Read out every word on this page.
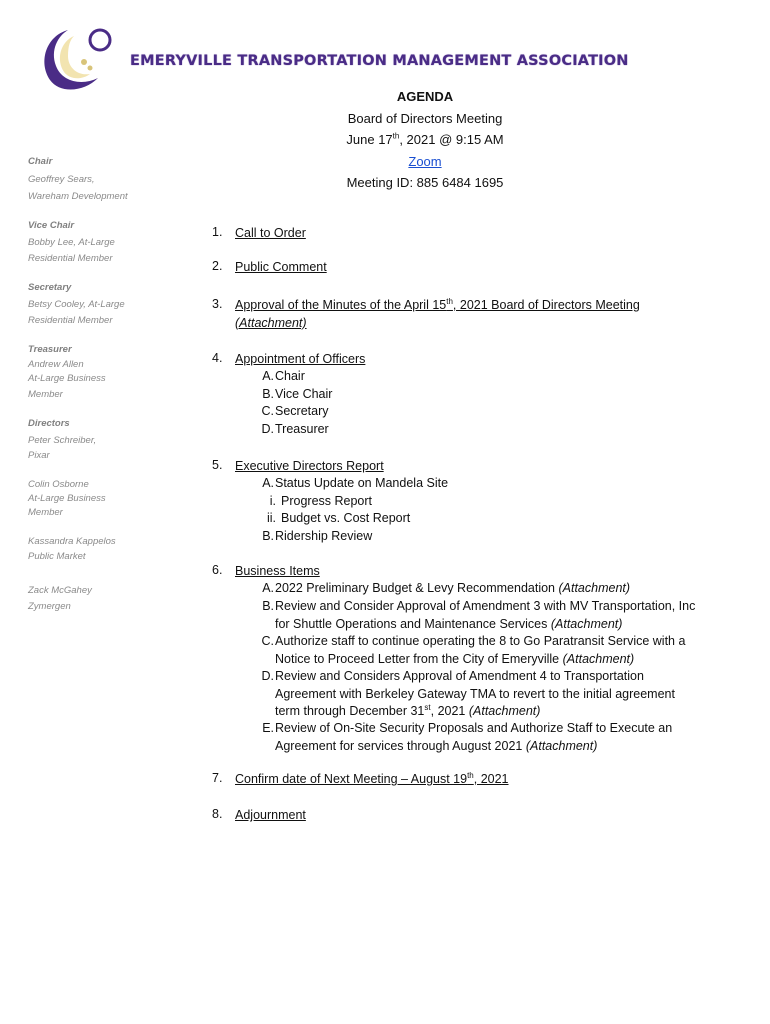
EMERYVILLE TRANSPORTATION MANAGEMENT ASSOCIATION
AGENDA
Board of Directors Meeting
June 17th, 2021 @ 9:15 AM
Zoom
Meeting ID: 885 6484 1695
Chair
Geoffrey Sears,
Wareham Development
Vice Chair
Bobby Lee, At-Large
Residential Member
Secretary
Betsy Cooley, At-Large
Residential Member
Treasurer
Andrew Allen
At-Large Business
Member
Directors
Peter Schreiber,
Pixar
Colin Osborne
At-Large Business
Member
Kassandra Kappelos
Public Market
Zack McGahey
Zymergen
1.	Call to Order
2.	Public Comment
3.	Approval of the Minutes of the April 15th, 2021 Board of Directors Meeting
(Attachment)
4.	Appointment of Officers
A. Chair
B. Vice Chair
C. Secretary
D. Treasurer
5.	Executive Directors Report
A. Status Update on Mandela Site
i. Progress Report
ii. Budget vs. Cost Report
B. Ridership Review
6.	Business Items
A. 2022 Preliminary Budget & Levy Recommendation (Attachment)
B. Review and Consider Approval of Amendment 3 with MV Transportation, Inc for Shuttle Operations and Maintenance Services (Attachment)
C. Authorize staff to continue operating the 8 to Go Paratransit Service with a Notice to Proceed Letter from the City of Emeryville (Attachment)
D. Review and Considers Approval of Amendment 4 to Transportation Agreement with Berkeley Gateway TMA to revert to the initial agreement term through December 31st, 2021 (Attachment)
E. Review of On-Site Security Proposals and Authorize Staff to Execute an Agreement for services through August 2021 (Attachment)
7.	Confirm date of Next Meeting – August 19th, 2021
8.	Adjournment
